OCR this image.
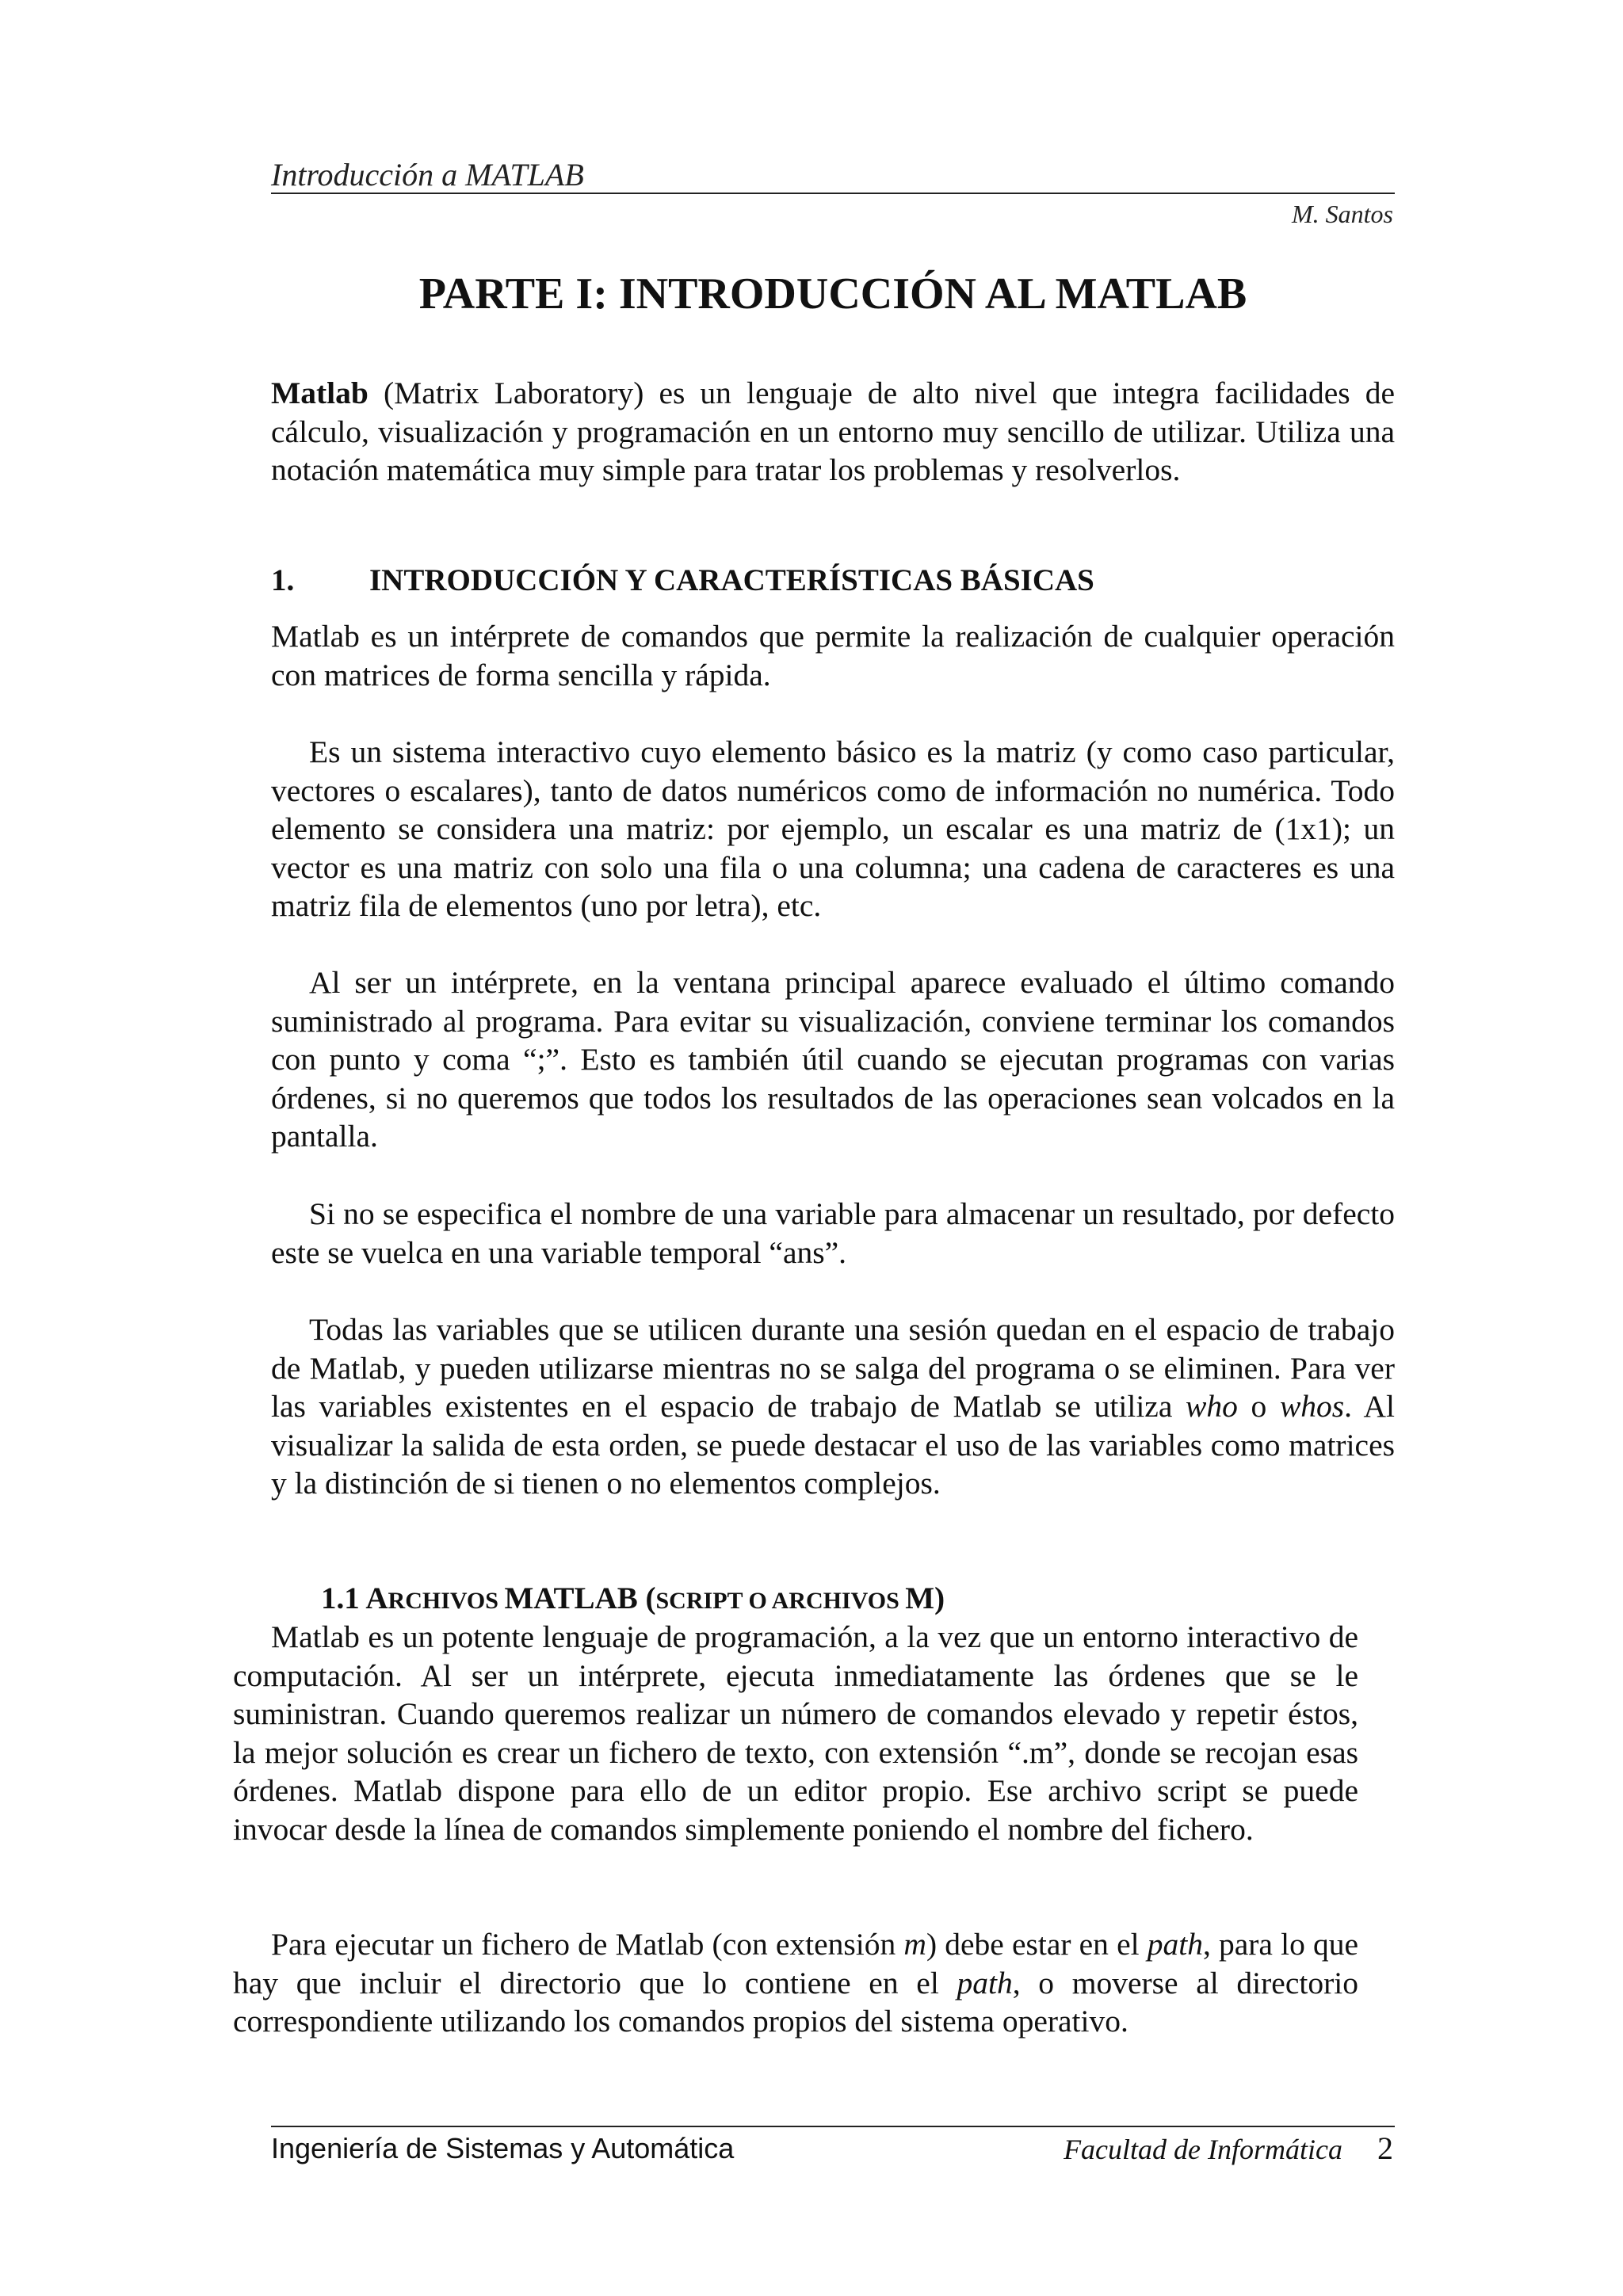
Introducción a MATLAB
M. Santos
PARTE I: INTRODUCCIÓN AL MATLAB

Matlab (Matrix Laboratory) es un lenguaje de alto nivel que integra facilidades de cálculo, visualización y programación en un entorno muy sencillo de utilizar. Utiliza una notación matemática muy simple para tratar los problemas y resolverlos.

1. INTRODUCCIÓN Y CARACTERÍSTICAS BÁSICAS

Matlab es un intérprete de comandos que permite la realización de cualquier operación con matrices de forma sencilla y rápida.

Es un sistema interactivo cuyo elemento básico es la matriz (y como caso particular, vectores o escalares), tanto de datos numéricos como de información no numérica. Todo elemento se considera una matriz: por ejemplo, un escalar es una matriz de (1x1); un vector es una matriz con solo una fila o una columna; una cadena de caracteres es una matriz fila de elementos (uno por letra), etc.

Al ser un intérprete, en la ventana principal aparece evaluado el último comando suministrado al programa. Para evitar su visualización, conviene terminar los comandos con punto y coma “;”. Esto es también útil cuando se ejecutan programas con varias órdenes, si no queremos que todos los resultados de las operaciones sean volcados en la pantalla.

Si no se especifica el nombre de una variable para almacenar un resultado, por defecto este se vuelca en una variable temporal “ans”.

Todas las variables que se utilicen durante una sesión quedan en el espacio de trabajo de Matlab, y pueden utilizarse mientras no se salga del programa o se eliminen. Para ver las variables existentes en el espacio de trabajo de Matlab se utiliza who o whos. Al visualizar la salida de esta orden, se puede destacar el uso de las variables como matrices y la distinción de si tienen o no elementos complejos.

1.1 ARCHIVOS MATLAB (SCRIPT O ARCHIVOS M)

Matlab es un potente lenguaje de programación, a la vez que un entorno interactivo de computación. Al ser un intérprete, ejecuta inmediatamente las órdenes que se le suministran. Cuando queremos realizar un número de comandos elevado y repetir éstos, la mejor solución es crear un fichero de texto, con extensión “.m”, donde se recojan esas órdenes. Matlab dispone para ello de un editor propio. Ese archivo script se puede invocar desde la línea de comandos simplemente poniendo el nombre del fichero.

Para ejecutar un fichero de Matlab (con extensión m) debe estar en el path, para lo que hay que incluir el directorio que lo contiene en el path, o moverse al directorio correspondiente utilizando los comandos propios del sistema operativo.

Ingeniería de Sistemas y Automática	Facultad de Informática 2
